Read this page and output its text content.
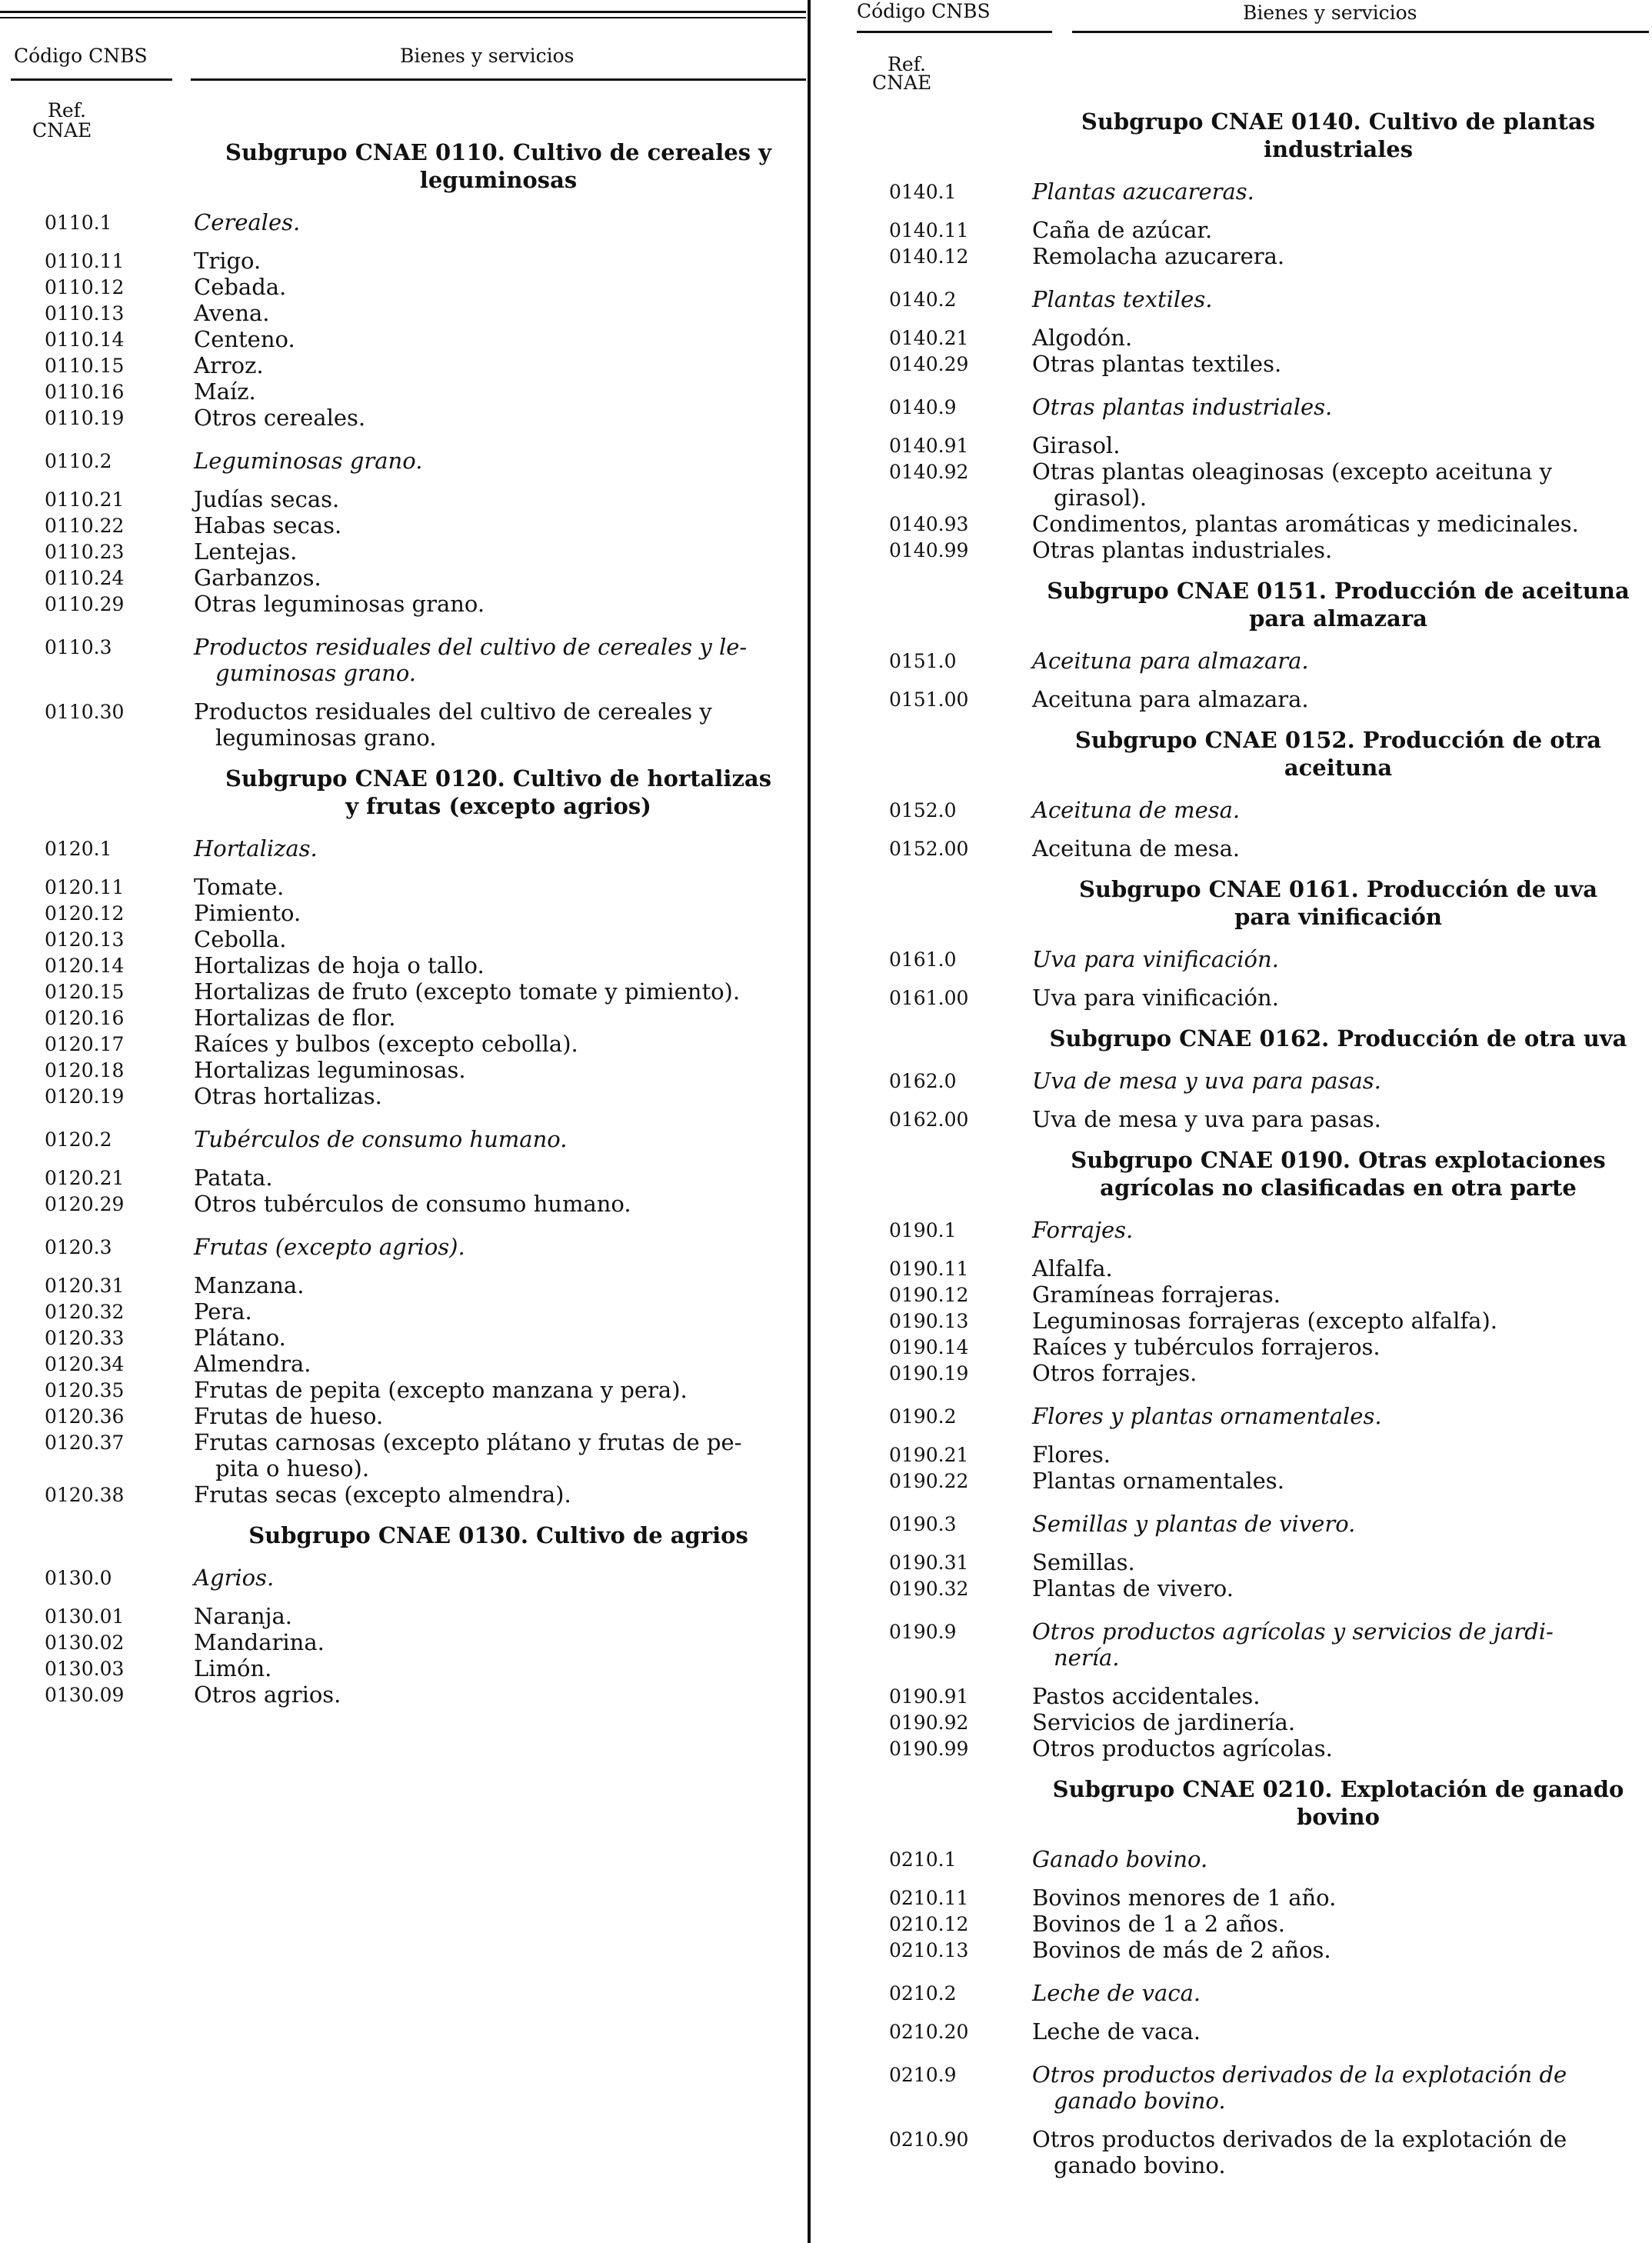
Código CNBS	Bienes y servicios
Ref.
CNAE
Subgrupo CNAE 0110. Cultivo de cereales y
leguminosas
0110.1	Cereales.
0110.11	Trigo.
0110.12	Cebada.
0110.13	Avena.
0110.14	Centeno.
0110.15	Arroz.
0110.16	Maíz.
0110.19	Otros cereales.
0110.2	Leguminosas grano.
0110.21	Judías secas.
0110.22	Habas secas.
0110.23	Lentejas.
0110.24	Garbanzos.
0110.29	Otras leguminosas grano.
0110.3	Productos residuales del cultivo de cereales y le-
guminosas grano.
0110.30	Productos residuales del cultivo de cereales y
leguminosas grano.
Subgrupo CNAE 0120. Cultivo de hortalizas
y frutas (excepto agrios)
0120.1	Hortalizas.
0120.11	Tomate.
0120.12	Pimiento.
0120.13	Cebolla.
0120.14	Hortalizas de hoja o tallo.
0120.15	Hortalizas de fruto (excepto tomate y pimiento).
0120.16	Hortalizas de flor.
0120.17	Raíces y bulbos (excepto cebolla).
0120.18	Hortalizas leguminosas.
0120.19	Otras hortalizas.
0120.2	Tubérculos de consumo humano.
0120.21	Patata.
0120.29	Otros tubérculos de consumo humano.
0120.3	Frutas (excepto agrios).
0120.31	Manzana.
0120.32	Pera.
0120.33	Plátano.
0120.34	Almendra.
0120.35	Frutas de pepita (excepto manzana y pera).
0120.36	Frutas de hueso.
0120.37	Frutas carnosas (excepto plátano y frutas de pe-
pita o hueso).
0120.38	Frutas secas (excepto almendra).
Subgrupo CNAE 0130. Cultivo de agrios
0130.0	Agrios.
0130.01	Naranja.
0130.02	Mandarina.
0130.03	Limón.
0130.09	Otros agrios.
Código CNBS	Bienes y servicios
Ref.
CNAE
Subgrupo CNAE 0140. Cultivo de plantas
industriales
0140.1	Plantas azucareras.
0140.11	Caña de azúcar.
0140.12	Remolacha azucarera.
0140.2	Plantas textiles.
0140.21	Algodón.
0140.29	Otras plantas textiles.
0140.9	Otras plantas industriales.
0140.91	Girasol.
0140.92	Otras plantas oleaginosas (excepto aceituna y
girasol).
0140.93	Condimentos, plantas aromáticas y medicinales.
0140.99	Otras plantas industriales.
Subgrupo CNAE 0151. Producción de aceituna
para almazara
0151.0	Aceituna para almazara.
0151.00	Aceituna para almazara.
Subgrupo CNAE 0152. Producción de otra
aceituna
0152.0	Aceituna de mesa.
0152.00	Aceituna de mesa.
Subgrupo CNAE 0161. Producción de uva
para vinificación
0161.0	Uva para vinificación.
0161.00	Uva para vinificación.
Subgrupo CNAE 0162. Producción de otra uva
0162.0	Uva de mesa y uva para pasas.
0162.00	Uva de mesa y uva para pasas.
Subgrupo CNAE 0190. Otras explotaciones
agrícolas no clasificadas en otra parte
0190.1	Forrajes.
0190.11	Alfalfa.
0190.12	Gramíneas forrajeras.
0190.13	Leguminosas forrajeras (excepto alfalfa).
0190.14	Raíces y tubérculos forrajeros.
0190.19	Otros forrajes.
0190.2	Flores y plantas ornamentales.
0190.21	Flores.
0190.22	Plantas ornamentales.
0190.3	Semillas y plantas de vivero.
0190.31	Semillas.
0190.32	Plantas de vivero.
0190.9	Otros productos agrícolas y servicios de jardi-
nería.
0190.91	Pastos accidentales.
0190.92	Servicios de jardinería.
0190.99	Otros productos agrícolas.
Subgrupo CNAE 0210. Explotación de ganado
bovino
0210.1	Ganado bovino.
0210.11	Bovinos menores de 1 año.
0210.12	Bovinos de 1 a 2 años.
0210.13	Bovinos de más de 2 años.
0210.2	Leche de vaca.
0210.20	Leche de vaca.
0210.9	Otros productos derivados de la explotación de
ganado bovino.
0210.90	Otros productos derivados de la explotación de
ganado bovino.
